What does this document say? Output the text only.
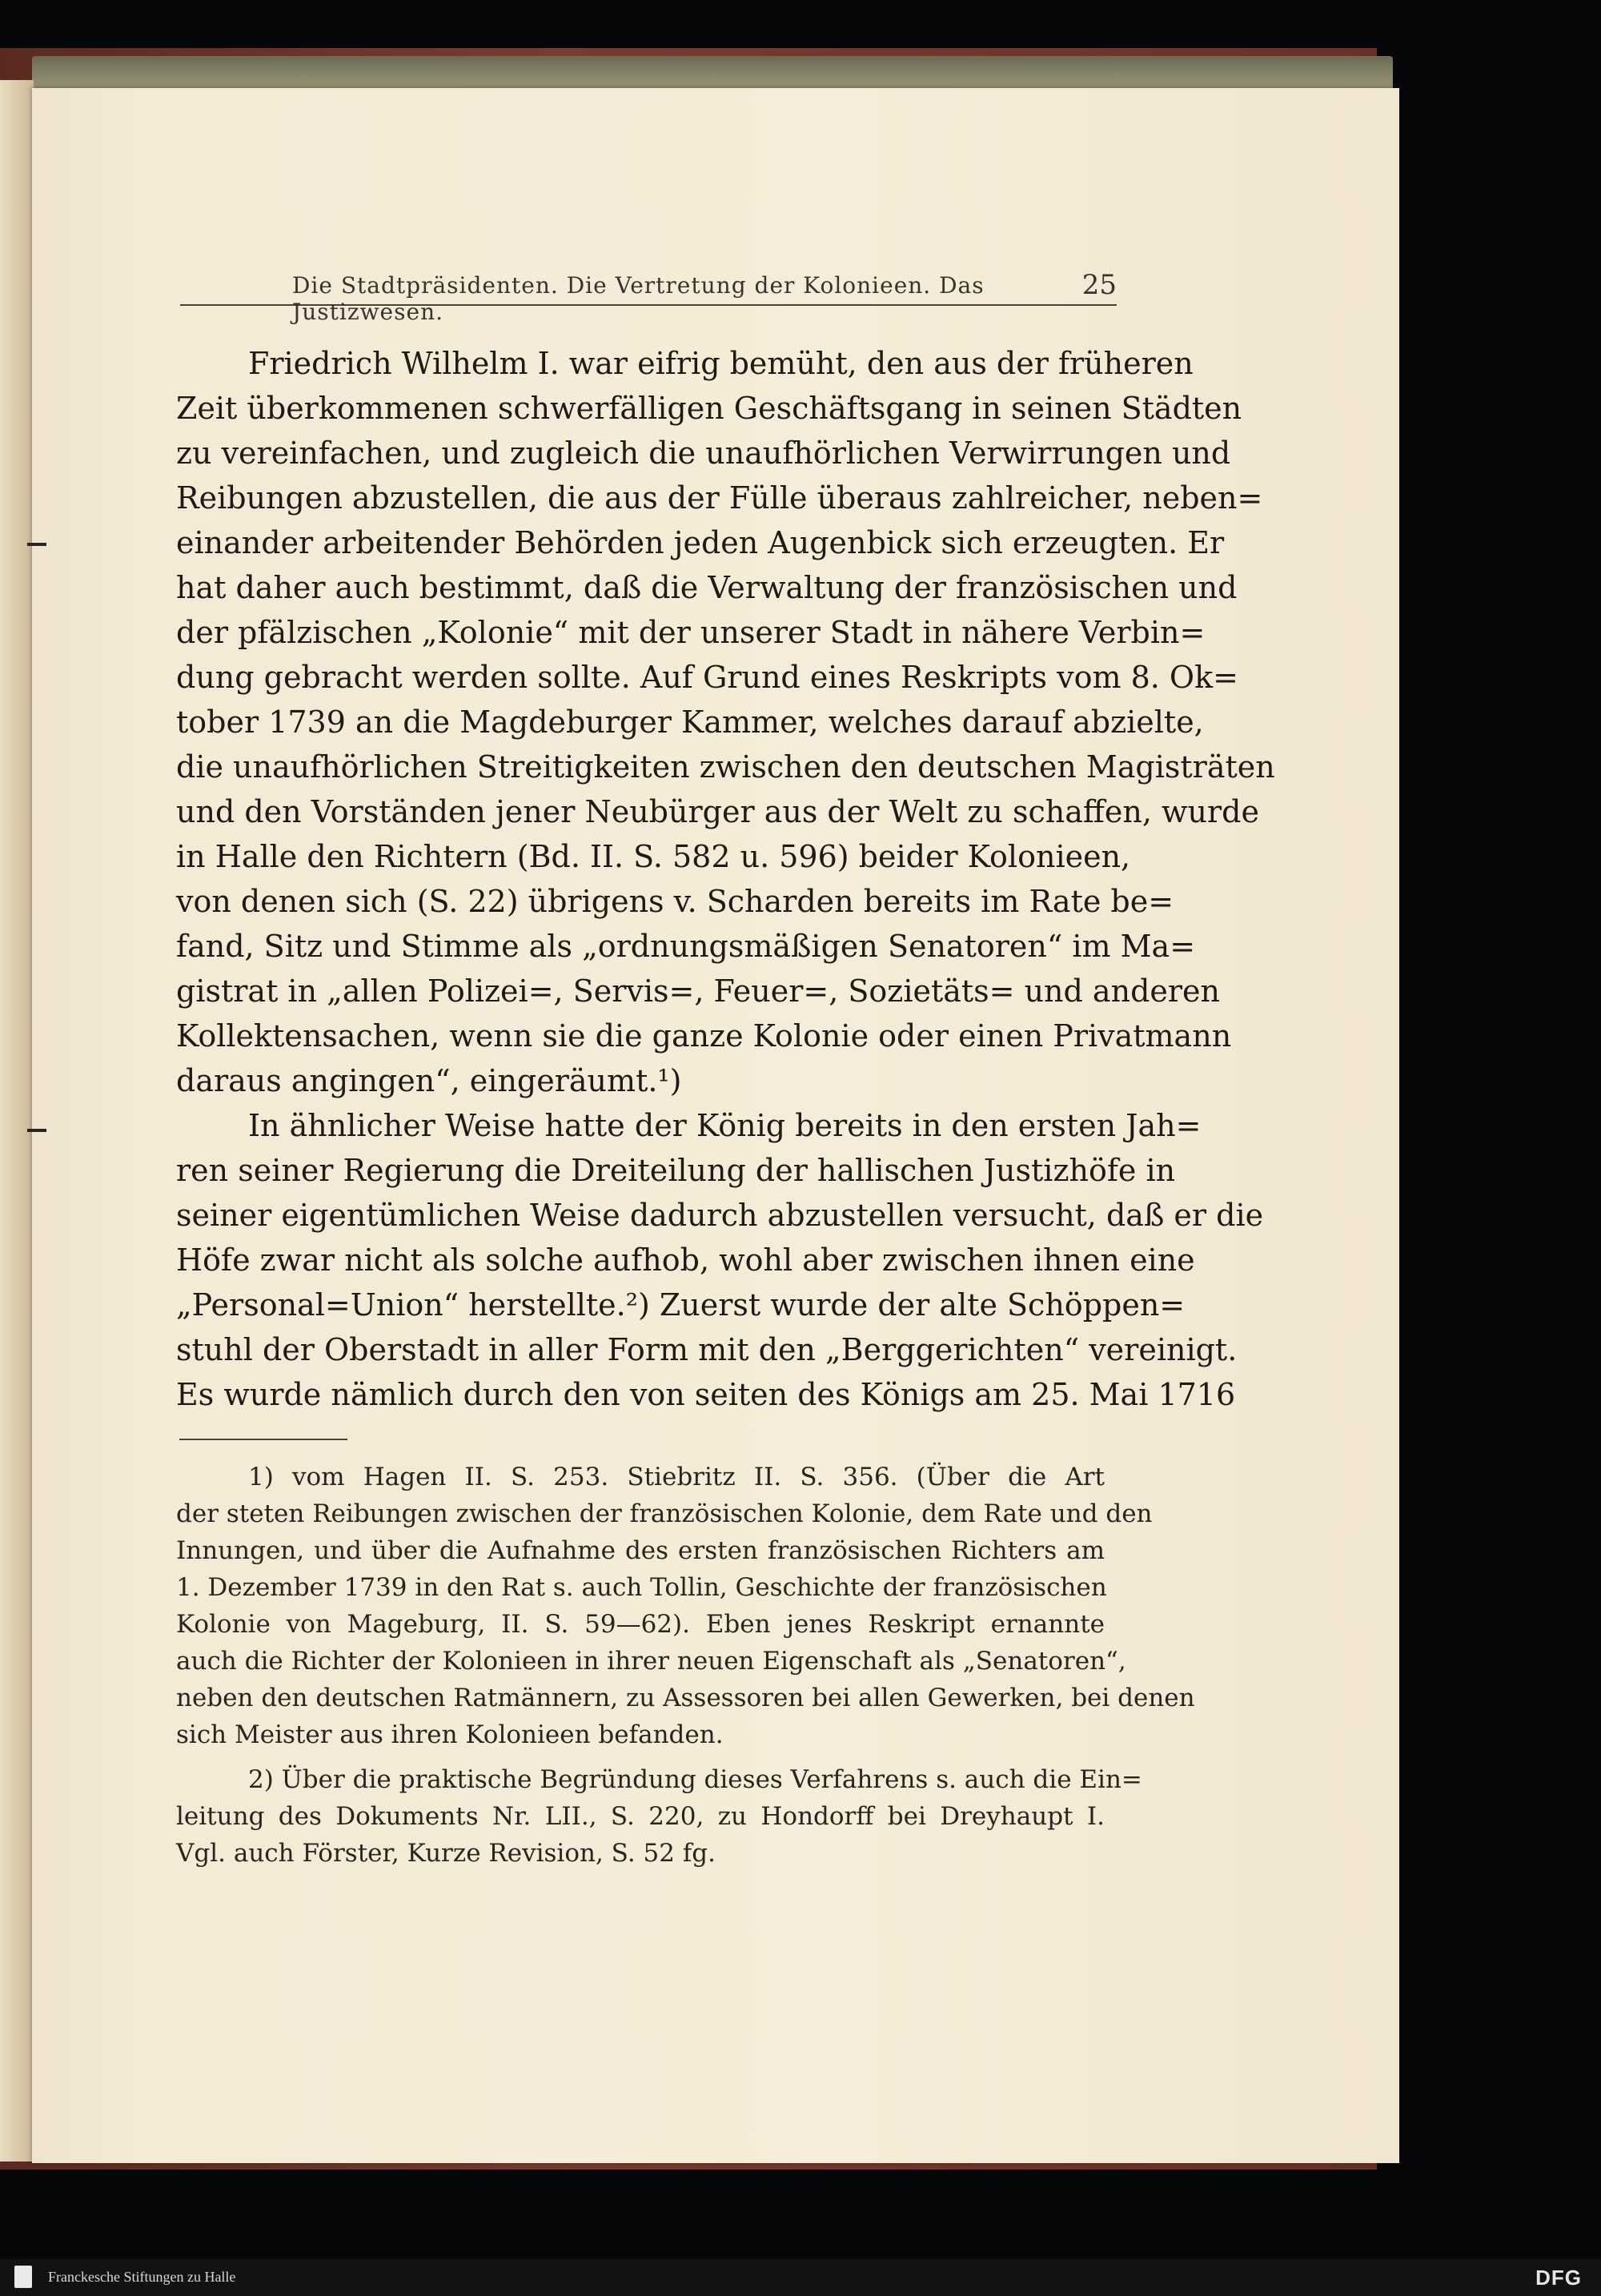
Die Stadtpräsidenten. Die Vertretung der Kolonieen. Das Justizwesen.
25
Friedrich Wilhelm I. war eifrig bemüht, den aus der früheren
Zeit überkommenen schwerfälligen Geschäftsgang in seinen Städten
zu vereinfachen, und zugleich die unaufhörlichen Verwirrungen und
Reibungen abzustellen, die aus der Fülle überaus zahlreicher, neben=
einander arbeitender Behörden jeden Augenbick sich erzeugten. Er
hat daher auch bestimmt, daß die Verwaltung der französischen und
der pfälzischen „Kolonie“ mit der unserer Stadt in nähere Verbin=
dung gebracht werden sollte. Auf Grund eines Reskripts vom 8. Ok=
tober 1739 an die Magdeburger Kammer, welches darauf abzielte,
die unaufhörlichen Streitigkeiten zwischen den deutschen Magisträten
und den Vorständen jener Neubürger aus der Welt zu schaffen, wurde
in Halle den Richtern (Bd. II. S. 582 u. 596) beider Kolonieen,
von denen sich (S. 22) übrigens v. Scharden bereits im Rate be=
fand, Sitz und Stimme als „ordnungsmäßigen Senatoren“ im Ma=
gistrat in „allen Polizei=, Servis=, Feuer=, Sozietäts= und anderen
Kollektensachen, wenn sie die ganze Kolonie oder einen Privatmann
daraus angingen“, eingeräumt.¹)
In ähnlicher Weise hatte der König bereits in den ersten Jah=
ren seiner Regierung die Dreiteilung der hallischen Justizhöfe in
seiner eigentümlichen Weise dadurch abzustellen versucht, daß er die
Höfe zwar nicht als solche aufhob, wohl aber zwischen ihnen eine
„Personal=Union“ herstellte.²) Zuerst wurde der alte Schöppen=
stuhl der Oberstadt in aller Form mit den „Berggerichten“ vereinigt.
Es wurde nämlich durch den von seiten des Königs am 25. Mai 1716
1) vom Hagen II. S. 253. Stiebritz II. S. 356. (Über die Art
der steten Reibungen zwischen der französischen Kolonie, dem Rate und den
Innungen, und über die Aufnahme des ersten französischen Richters am
1. Dezember 1739 in den Rat s. auch Tollin, Geschichte der französischen
Kolonie von Mageburg, II. S. 59—62). Eben jenes Reskript ernannte
auch die Richter der Kolonieen in ihrer neuen Eigenschaft als „Senatoren“,
neben den deutschen Ratmännern, zu Assessoren bei allen Gewerken, bei denen
sich Meister aus ihren Kolonieen befanden.
2) Über die praktische Begründung dieses Verfahrens s. auch die Ein=
leitung des Dokuments Nr. LII., S. 220, zu Hondorff bei Dreyhaupt I.
Vgl. auch Förster, Kurze Revision, S. 52 fg.
Franckesche Stiftungen zu Halle	DFG
